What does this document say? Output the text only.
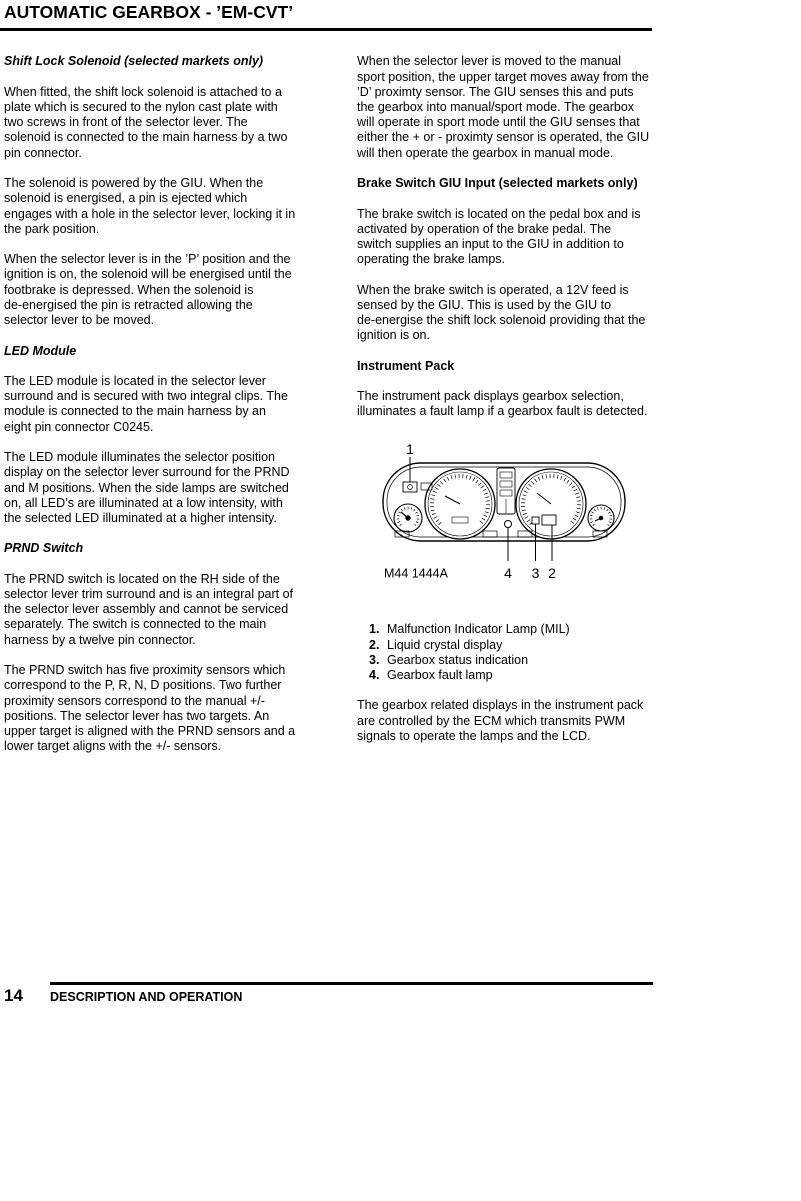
AUTOMATIC GEARBOX - ’EM-CVT’
Shift Lock Solenoid (selected markets only)

When fitted, the shift lock solenoid is attached to a
plate which is secured to the nylon cast plate with
two screws in front of the selector lever. The
solenoid is connected to the main harness by a two
pin connector.

The solenoid is powered by the GIU. When the
solenoid is energised, a pin is ejected which
engages with a hole in the selector lever, locking it in
the park position.

When the selector lever is in the ’P’ position and the
ignition is on, the solenoid will be energised until the
footbrake is depressed. When the solenoid is
de-energised the pin is retracted allowing the
selector lever to be moved.

LED Module

The LED module is located in the selector lever
surround and is secured with two integral clips. The
module is connected to the main harness by an
eight pin connector C0245.

The LED module illuminates the selector position
display on the selector lever surround for the PRND
and M positions. When the side lamps are switched
on, all LED’s are illuminated at a low intensity, with
the selected LED illuminated at a higher intensity.

PRND Switch

The PRND switch is located on the RH side of the
selector lever trim surround and is an integral part of
the selector lever assembly and cannot be serviced
separately. The switch is connected to the main
harness by a twelve pin connector.

The PRND switch has five proximity sensors which
correspond to the P, R, N, D positions. Two further
proximity sensors correspond to the manual +/-
positions. The selector lever has two targets. An
upper target is aligned with the PRND sensors and a
lower target aligns with the +/- sensors.

When the selector lever is moved to the manual
sport position, the upper target moves away from the
’D’ proximty sensor. The GIU senses this and puts
the gearbox into manual/sport mode. The gearbox
will operate in sport mode until the GIU senses that
either the + or - proximty sensor is operated, the GIU
will then operate the gearbox in manual mode.

Brake Switch GIU Input (selected markets only)

The brake switch is located on the pedal box and is
activated by operation of the brake pedal. The
switch supplies an input to the GIU in addition to
operating the brake lamps.

When the brake switch is operated, a 12V feed is
sensed by the GIU. This is used by the GIU to
de-energise the shift lock solenoid providing that the
ignition is on.

Instrument Pack

The instrument pack displays gearbox selection,
illuminates a fault lamp if a gearbox fault is detected.

1
M44 1444A	4 3 2
1. Malfunction Indicator Lamp (MIL)
2. Liquid crystal display
3. Gearbox status indication
4. Gearbox fault lamp

The gearbox related displays in the instrument pack
are controlled by the ECM which transmits PWM
signals to operate the lamps and the LCD.

14 DESCRIPTION AND OPERATION
